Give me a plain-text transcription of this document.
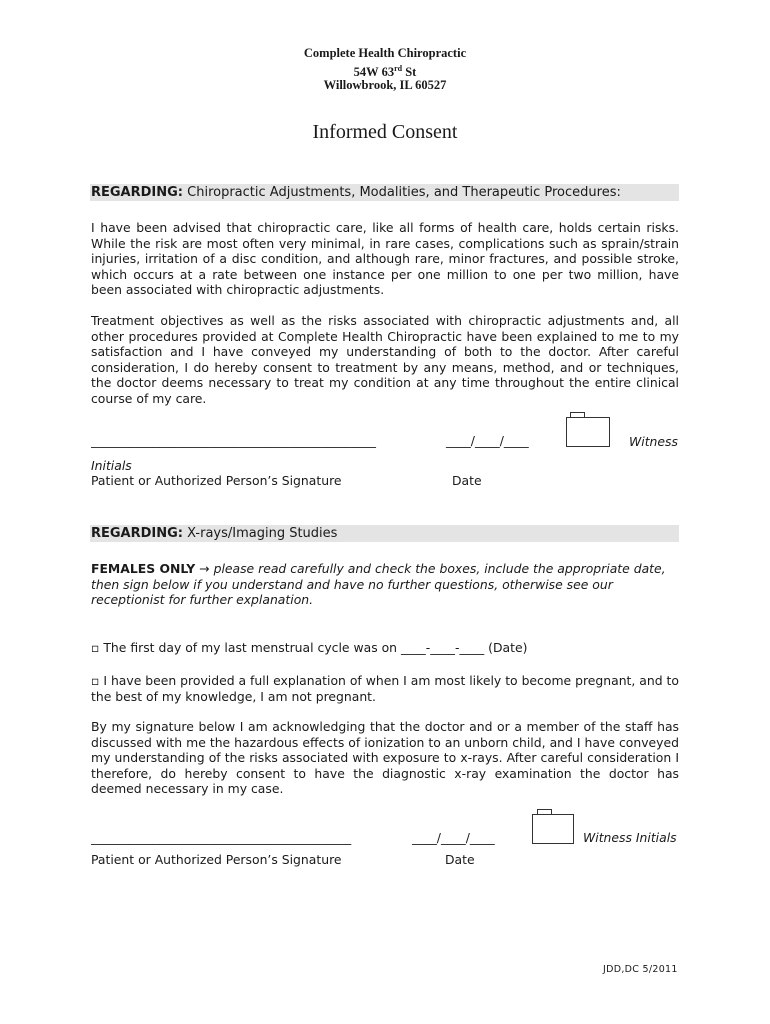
Complete Health Chiropractic
54W 63rd St
Willowbrook, IL 60527
Informed Consent
REGARDING: Chiropractic Adjustments, Modalities, and Therapeutic Procedures:
I have been advised that chiropractic care, like all forms of health care, holds certain risks. While the risk are most often very minimal, in rare cases, complications such as sprain/strain injuries, irritation of a disc condition, and although rare, minor fractures, and possible stroke, which occurs at a rate between one instance per one million to one per two million, have been associated with chiropractic adjustments.
Treatment objectives as well as the risks associated with chiropractic adjustments and, all other procedures provided at Complete Health Chiropractic have been explained to me to my satisfaction and I have conveyed my understanding of both to the doctor. After careful consideration, I do hereby consent to treatment by any means, method, and or techniques, the doctor deems necessary to treat my condition at any time throughout the entire clinical course of my care.
______________________________________________	____/____/____	Witness
Initials
Patient or Authorized Person’s Signature	Date
REGARDING: X-rays/Imaging Studies
FEMALES ONLY → please read carefully and check the boxes, include the appropriate date,
then sign below if you understand and have no further questions, otherwise see our
receptionist for further explanation.
▫ The first day of my last menstrual cycle was on ____-____-____ (Date)
▫ I have been provided a full explanation of when I am most likely to become pregnant, and to the best of my knowledge, I am not pregnant.
By my signature below I am acknowledging that the doctor and or a member of the staff has discussed with me the hazardous effects of ionization to an unborn child, and I have conveyed my understanding of the risks associated with exposure to x-rays. After careful consideration I therefore, do hereby consent to have the diagnostic x-ray examination the doctor has deemed necessary in my case.
__________________________________________	____/____/____	Witness Initials
Patient or Authorized Person’s Signature	Date
JDD,DC 5/2011
